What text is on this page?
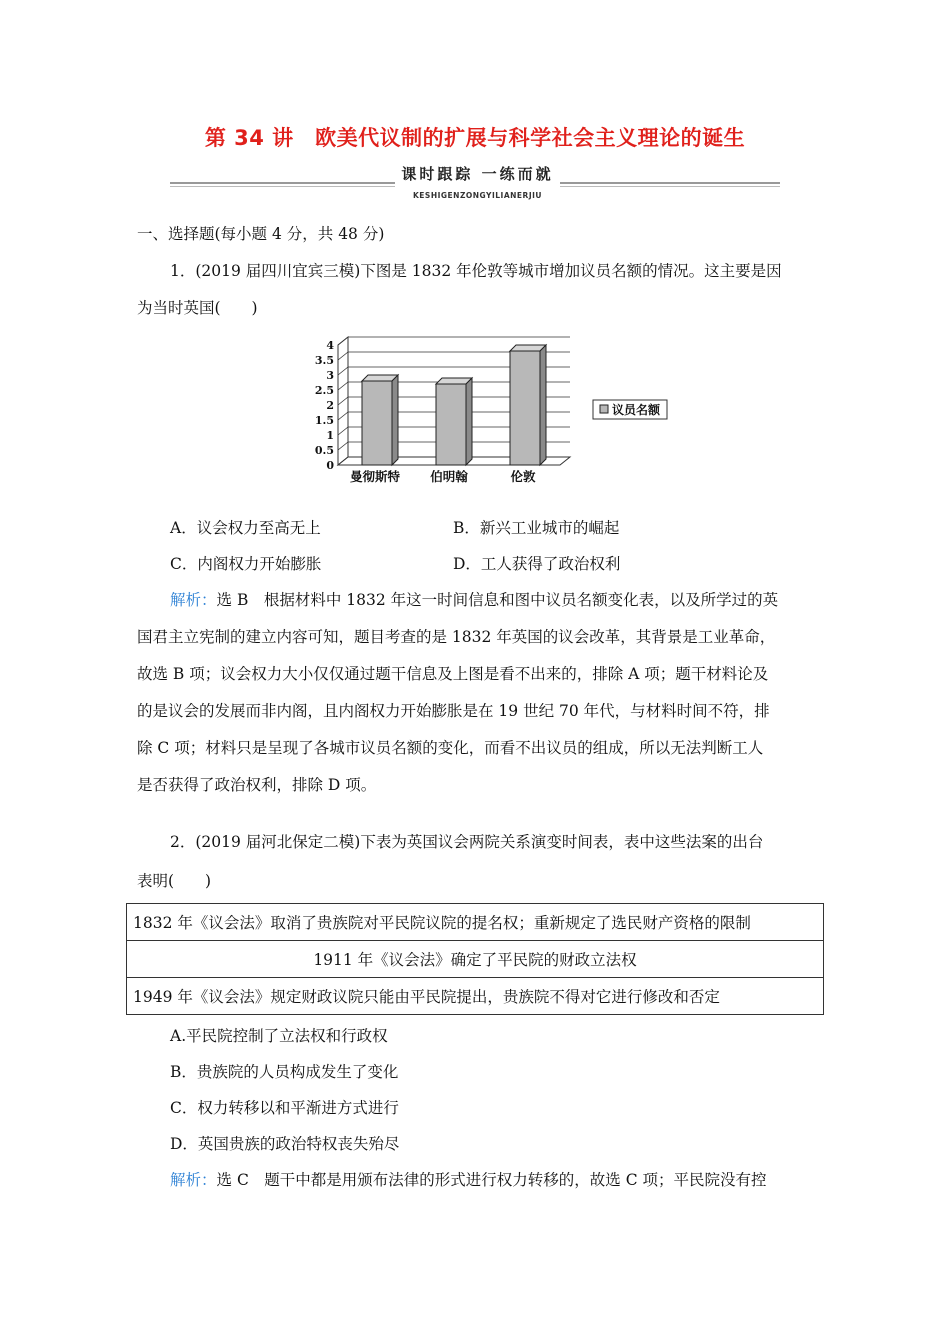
第 34 讲　欧美代议制的扩展与科学社会主义理论的诞生
课时跟踪 一练而就
KESHIGENZONGYILIANERJIU
一、选择题(每小题 4 分，共 48 分)
1．(2019 届四川宜宾三模)下图是 1832 年伦敦等城市增加议员名额的情况。这主要是因
为当时英国(　　)
0
0.5
1
1.5
2
2.5
3
3.5
4
曼彻斯特 伯明翰	伦敦
议员名额
A．议会权力至高无上	B．新兴工业城市的崛起
C．内阁权力开始膨胀	D．工人获得了政治权利
解析：选 B　根据材料中 1832 年这一时间信息和图中议员名额变化表，以及所学过的英
国君主立宪制的建立内容可知，题目考查的是 1832 年英国的议会改革，其背景是工业革命，
故选 B 项；议会权力大小仅仅通过题干信息及上图是看不出来的，排除 A 项；题干材料论及
的是议会的发展而非内阁，且内阁权力开始膨胀是在 19 世纪 70 年代，与材料时间不符，排
除 C 项；材料只是呈现了各城市议员名额的变化，而看不出议员的组成，所以无法判断工人
是否获得了政治权利，排除 D 项。
2．(2019 届河北保定二模)下表为英国议会两院关系演变时间表，表中这些法案的出台
表明(　　)
1832 年《议会法》取消了贵族院对平民院议院的提名权；重新规定了选民财产资格的限制
1911 年《议会法》确定了平民院的财政立法权
1949 年《议会法》规定财政议院只能由平民院提出，贵族院不得对它进行修改和否定
A.平民院控制了立法权和行政权
B．贵族院的人员构成发生了变化
C．权力转移以和平渐进方式进行
D．英国贵族的政治特权丧失殆尽
解析：选 C　题干中都是用颁布法律的形式进行权力转移的，故选 C 项；平民院没有控
